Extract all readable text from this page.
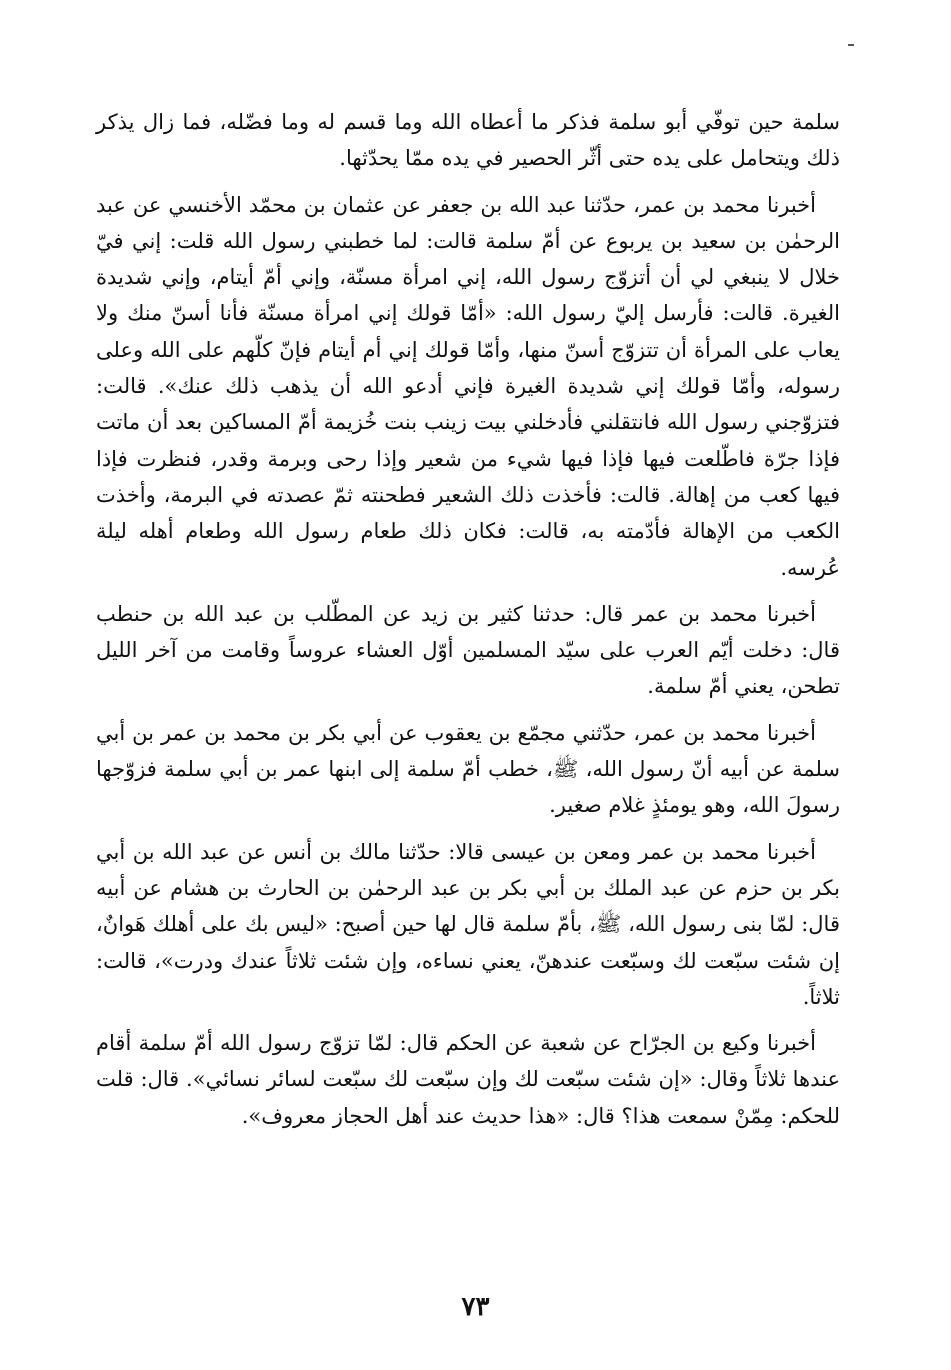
سلمة حين توفّي أبو سلمة فذكر ما أعطاه الله وما قسم له وما فضّله، فما زال يذكر ذلك ويتحامل على يده حتى أثّر الحصير في يده ممّا يحدّثها.

أخبرنا محمد بن عمر، حدّثنا عبد الله بن جعفر عن عثمان بن محمّد الأخنسي عن عبد الرحمٰن بن سعيد بن يربوع عن أمّ سلمة قالت: لما خطبني رسول الله قلت: إني فيّ خلال لا ينبغي لي أن أتزوّج رسول الله، إني امرأة مسنّة، وإني أمّ أيتام، وإني شديدة الغيرة. قالت: فأرسل إليّ رسول الله: «أمّا قولك إني امرأة مسنّة فأنا أسنّ منك ولا يعاب على المرأة أن تتزوّج أسنّ منها، وأمّا قولك إني أم أيتام فإنّ كلّهم على الله وعلى رسوله، وأمّا قولك إني شديدة الغيرة فإني أدعو الله أن يذهب ذلك عنك». قالت: فتزوّجني رسول الله فانتقلني فأدخلني بيت زينب بنت خُزيمة أمّ المساكين بعد أن ماتت فإذا جرّة فاطّلعت فيها فإذا فيها شيء من شعير وإذا رحى وبرمة وقدر، فنظرت فإذا فيها كعب من إهالة. قالت: فأخذت ذلك الشعير فطحنته ثمّ عصدته في البرمة، وأخذت الكعب من الإهالة فأدّمته به، قالت: فكان ذلك طعام رسول الله وطعام أهله ليلة عُرسه.

أخبرنا محمد بن عمر قال: حدثنا كثير بن زيد عن المطّلب بن عبد الله بن حنطب قال: دخلت أيّم العرب على سيّد المسلمين أوّل العشاء عروساً وقامت من آخر الليل تطحن، يعني أمّ سلمة.

أخبرنا محمد بن عمر، حدّثني مجمّع بن يعقوب عن أبي بكر بن محمد بن عمر بن أبي سلمة عن أبيه أنّ رسول الله، ﷺ، خطب أمّ سلمة إلى ابنها عمر بن أبي سلمة فزوّجها رسولَ الله، وهو يومئذٍ غلام صغير.

أخبرنا محمد بن عمر ومعن بن عيسى قالا: حدّثنا مالك بن أنس عن عبد الله بن أبي بكر بن حزم عن عبد الملك بن أبي بكر بن عبد الرحمٰن بن الحارث بن هشام عن أبيه قال: لمّا بنى رسول الله، ﷺ، بأمّ سلمة قال لها حين أصبح: «ليس بك على أهلك هَوانٌ، إن شئت سبّعت لك وسبّعت عندهنّ، يعني نساءه، وإن شئت ثلاثاً عندك ودرت»، قالت: ثلاثاً.

أخبرنا وكيع بن الجرّاح عن شعبة عن الحكم قال: لمّا تزوّج رسول الله أمّ سلمة أقام عندها ثلاثاً وقال: «إن شئت سبّعت لك وإن سبّعت لك سبّعت لسائر نسائي». قال: قلت للحكم: مِمّنْ سمعت هذا؟ قال: «هذا حديث عند أهل الحجاز معروف».

٧٣
